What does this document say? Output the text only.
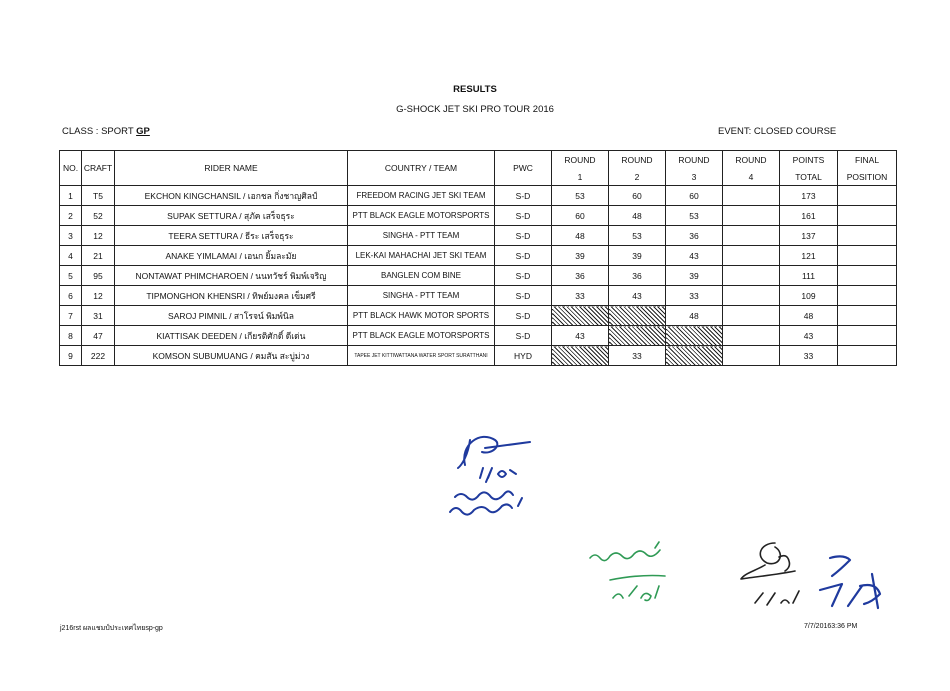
RESULTS
G-SHOCK JET SKI PRO TOUR 2016
CLASS : SPORT GP	EVENT: CLOSED COURSE
NO.	CRAFT	RIDER NAME	COUNTRY / TEAM	PWC	ROUND	ROUND	ROUND	ROUND	POINTS	FINAL
					1	2	3	4	TOTAL	POSITION
1	T5	EKCHON KINGCHANSIL / เอกชล กิ่งชาญศิลป์	FREEDOM RACING JET SKI TEAM	S-D	53	60	60		173	
2	52	SUPAK SETTURA / สุภัค เสร็จธุระ	PTT BLACK EAGLE MOTORSPORTS	S-D	60	48	53		161	
3	12	TEERA SETTURA / ธีระ เสร็จธุระ	SINGHA - PTT TEAM	S-D	48	53	36		137	
4	21	ANAKE YIMLAMAI / เอนก ยิ้มละมัย	LEK-KAI MAHACHAI JET SKI TEAM	S-D	39	39	43		121	
5	95	NONTAWAT PHIMCHAROEN / นนทวัชร์ พิมพ์เจริญ	BANGLEN COM BINE	S-D	36	36	39		111	
6	12	TIPMONGHON KHENSRI / ทิพย์มงคล เข็มศรี	SINGHA - PTT TEAM	S-D	33	43	33		109	
7	31	SAROJ PIMNIL / สาโรจน์ พิมพ์นิล	PTT BLACK HAWK MOTOR SPORTS	S-D			48		48	
8	47	KIATTISAK DEEDEN / เกียรติศักดิ์ ดีเด่น	PTT BLACK EAGLE MOTORSPORTS	S-D	43				43	
9	222	KOMSON SUBUMUANG / คมสัน สะบู่ม่วง	TAPEE JET KITTIWATTANA WATER SPORT SURATTHANI	HYD		33			33	
j216rst ผลแชมป์ประเทศไทยsp-gp	7/7/20163:36 PM
